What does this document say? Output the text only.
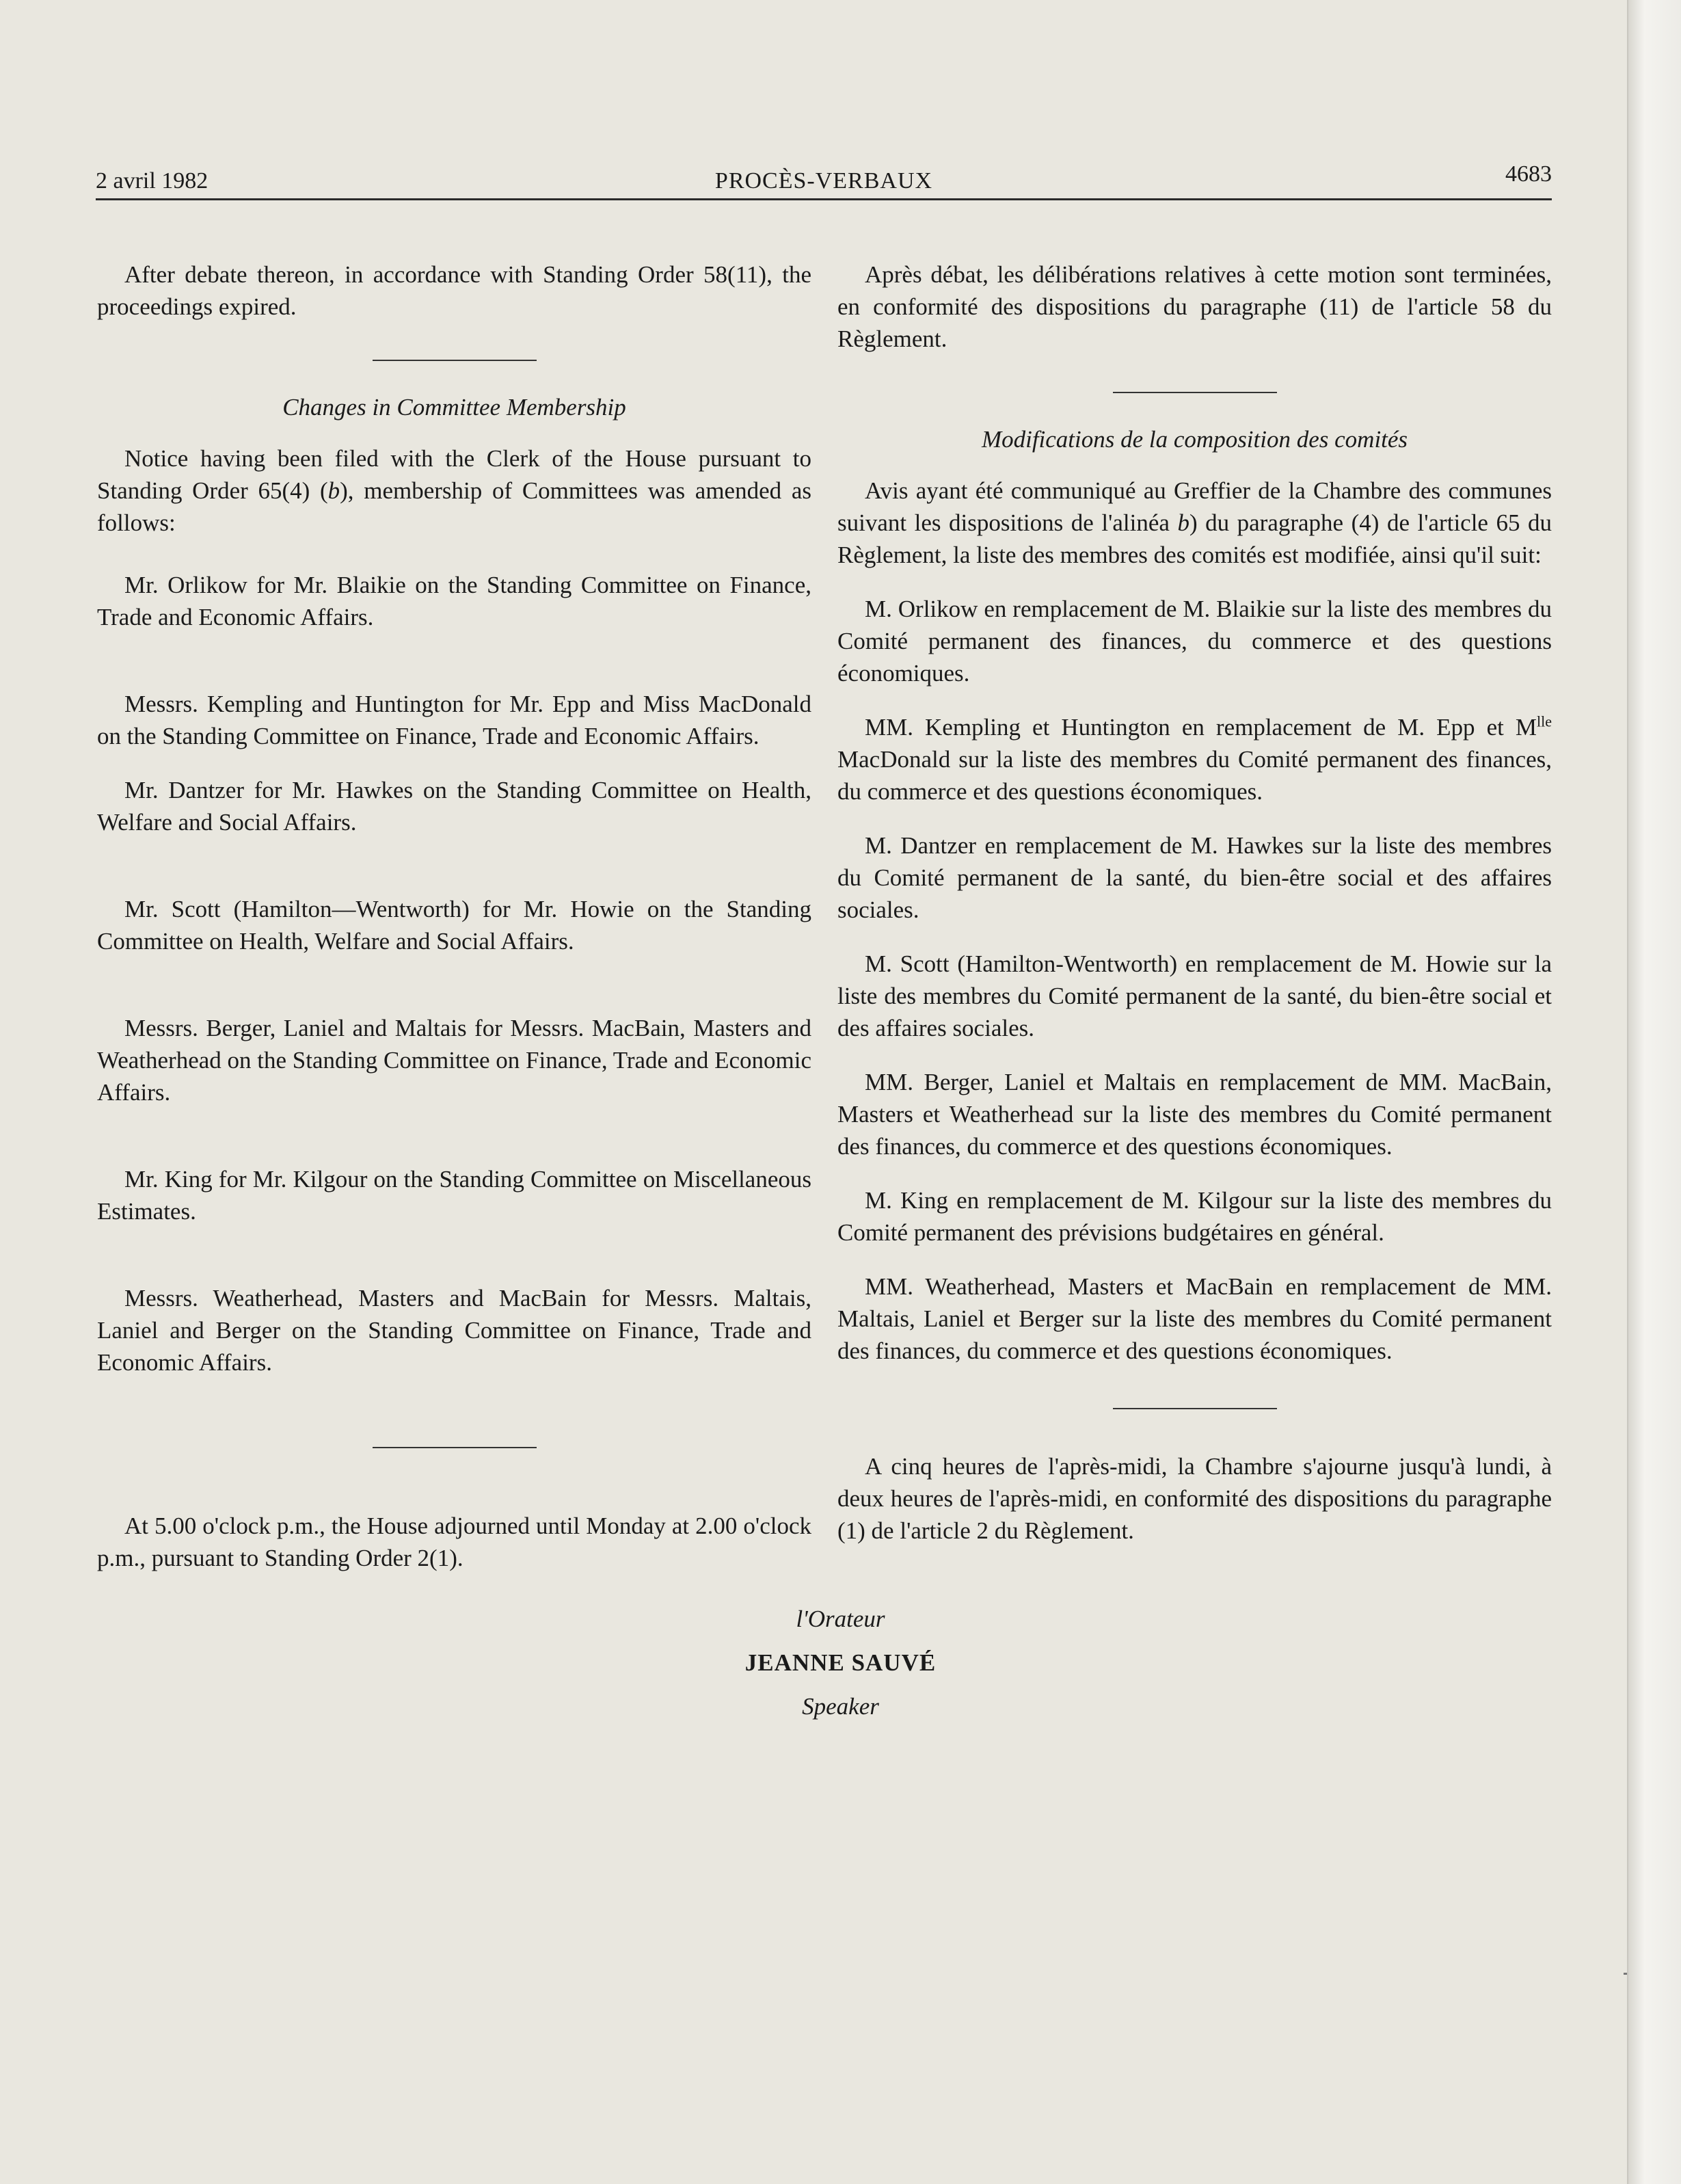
2 avril 1982	PROCÈS-VERBAUX	4683

After debate thereon, in accordance with Standing Order 58(11), the proceedings expired.

Changes in Committee Membership

Notice having been filed with the Clerk of the House pursuant to Standing Order 65(4) (b), membership of Committees was amended as follows:

Mr. Orlikow for Mr. Blaikie on the Standing Committee on Finance, Trade and Economic Affairs.

Messrs. Kempling and Huntington for Mr. Epp and Miss MacDonald on the Standing Committee on Finance, Trade and Economic Affairs.

Mr. Dantzer for Mr. Hawkes on the Standing Committee on Health, Welfare and Social Affairs.

Mr. Scott (Hamilton—Wentworth) for Mr. Howie on the Standing Committee on Health, Welfare and Social Affairs.

Messrs. Berger, Laniel and Maltais for Messrs. MacBain, Masters and Weatherhead on the Standing Committee on Finance, Trade and Economic Affairs.

Mr. King for Mr. Kilgour on the Standing Committee on Miscellaneous Estimates.

Messrs. Weatherhead, Masters and MacBain for Messrs. Maltais, Laniel and Berger on the Standing Committee on Finance, Trade and Economic Affairs.

At 5.00 o'clock p.m., the House adjourned until Monday at 2.00 o'clock p.m., pursuant to Standing Order 2(1).

Après débat, les délibérations relatives à cette motion sont terminées, en conformité des dispositions du paragraphe (11) de l'article 58 du Règlement.

Modifications de la composition des comités

Avis ayant été communiqué au Greffier de la Chambre des communes suivant les dispositions de l'alinéa b) du paragraphe (4) de l'article 65 du Règlement, la liste des membres des comités est modifiée, ainsi qu'il suit:

M. Orlikow en remplacement de M. Blaikie sur la liste des membres du Comité permanent des finances, du commerce et des questions économiques.

MM. Kempling et Huntington en remplacement de M. Epp et $M^{lle}$ MacDonald sur la liste des membres du Comité permanent des finances, du commerce et des questions économiques.

M. Dantzer en remplacement de M. Hawkes sur la liste des membres du Comité permanent de la santé, du bien-être social et des affaires sociales.

M. Scott (Hamilton-Wentworth) en remplacement de M. Howie sur la liste des membres du Comité permanent de la santé, du bien-être social et des affaires sociales.

MM. Berger, Laniel et Maltais en remplacement de MM. MacBain, Masters et Weatherhead sur la liste des membres du Comité permanent des finances, du commerce et des questions économiques.

M. King en remplacement de M. Kilgour sur la liste des membres du Comité permanent des prévisions budgétaires en général.

MM. Weatherhead, Masters et MacBain en remplacement de MM. Maltais, Laniel et Berger sur la liste des membres du Comité permanent des finances, du commerce et des questions économiques.

A cinq heures de l'après-midi, la Chambre s'ajourne jusqu'à lundi, à deux heures de l'après-midi, en conformité des dispositions du paragraphe (1) de l'article 2 du Règlement.

l'Orateur
JEANNE SAUVÉ
Speaker
